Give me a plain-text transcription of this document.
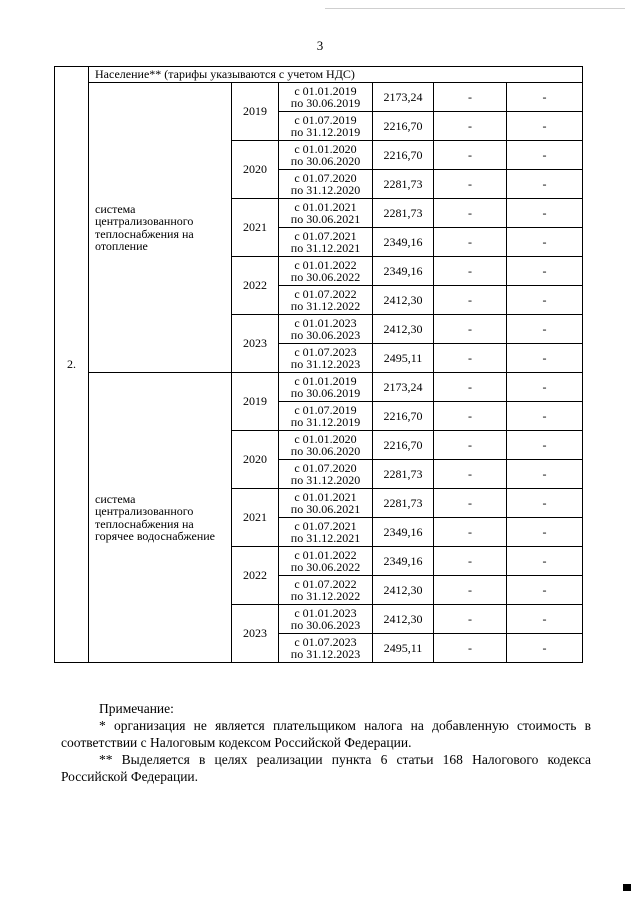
3
2.	Население** (тарифы указываются с учетом НДС)					
	система централизованного теплоснабжения на отопление	2019	с 01.01.2019
по 30.06.2019	2173,24	-	-

			с 01.07.2019
по 31.12.2019	2216,70	-	-
		2020	с 01.01.2020
по 30.06.2020	2216,70	-	-

			с 01.07.2020
по 31.12.2020	2281,73	-	-
		2021	с 01.01.2021
по 30.06.2021	2281,73	-	-

			с 01.07.2021
по 31.12.2021	2349,16	-	-
		2022	с 01.01.2022
по 30.06.2022	2349,16	-	-

			с 01.07.2022
по 31.12.2022	2412,30	-	-
		2023	с 01.01.2023
по 30.06.2023	2412,30	-	-

			с 01.07.2023
по 31.12.2023	2495,11	-	-
	система централизованного теплоснабжения на горячее водоснабжение	2019	с 01.01.2019
по 30.06.2019	2173,24	-	-

			с 01.07.2019
по 31.12.2019	2216,70	-	-
		2020	с 01.01.2020
по 30.06.2020	2216,70	-	-

			с 01.07.2020
по 31.12.2020	2281,73	-	-
		2021	с 01.01.2021
по 30.06.2021	2281,73	-	-

			с 01.07.2021
по 31.12.2021	2349,16	-	-
		2022	с 01.01.2022
по 30.06.2022	2349,16	-	-

			с 01.07.2022
по 31.12.2022	2412,30	-	-
		2023	с 01.01.2023
по 30.06.2023	2412,30	-	-

			с 01.07.2023
по 31.12.2023	2495,11	-	-

Примечание:

* организация не является плательщиком налога на добавленную стоимость в соответствии с Налоговым кодексом Российской Федерации.

** Выделяется в целях реализации пункта 6 статьи 168 Налогового кодекса Российской Федерации.
